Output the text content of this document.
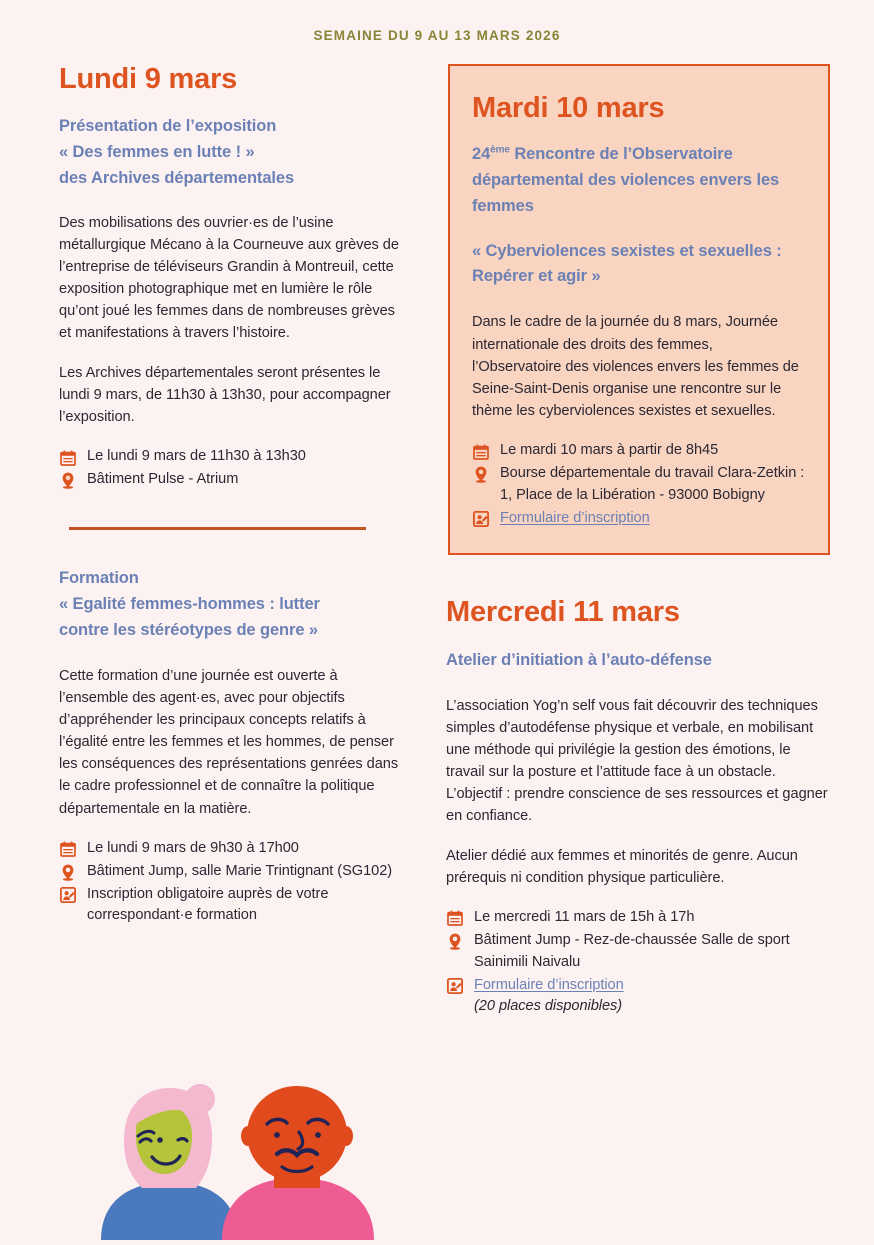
SEMAINE DU 9 AU 13 MARS 2026
Lundi 9 mars
Présentation de l’exposition
« Des femmes en lutte ! »
des Archives départementales

Des mobilisations des ouvrier·es de l’usine métallurgique Mécano à la Courneuve aux grèves de l’entreprise de téléviseurs Grandin à Montreuil, cette exposition photographique met en lumière le rôle qu’ont joué les femmes dans de nombreuses grèves et manifestations à travers l’histoire.

Les Archives départementales seront présentes le lundi 9 mars, de 11h30 à 13h30, pour accompagner l’exposition.

Le lundi 9 mars de 11h30 à 13h30
Bâtiment Pulse - Atrium
Formation
« Egalité femmes-hommes : lutter
contre les stéréotypes de genre »

Cette formation d’une journée est ouverte à l’ensemble des agent·es, avec pour objectifs d’appréhender les principaux concepts relatifs à l’égalité entre les femmes et les hommes, de penser les conséquences des représentations genrées dans le cadre professionnel et de connaître la politique départementale en la matière.

Le lundi 9 mars de 9h30 à 17h00
Bâtiment Jump, salle Marie Trintignant (SG102)
Inscription obligatoire auprès de votre correspondant·e formation
Mardi 10 mars
24ème Rencontre de l’Observatoire départemental des violences envers les femmes
« Cyberviolences sexistes et sexuelles : Repérer et agir »

Dans le cadre de la journée du 8 mars, Journée internationale des droits des femmes, l’Observatoire des violences envers les femmes de Seine-Saint-Denis organise une rencontre sur le thème les cyberviolences sexistes et sexuelles.

Le mardi 10 mars à partir de 8h45
Bourse départementale du travail Clara-Zetkin : 1, Place de la Libération - 93000 Bobigny
Formulaire d’inscription
Mercredi 11 mars
Atelier d’initiation à l’auto-défense

L’association Yog’n self vous fait découvrir des techniques simples d’autodéfense physique et verbale, en mobilisant une méthode qui privilégie la gestion des émotions, le travail sur la posture et l’attitude face à un obstacle. L’objectif : prendre conscience de ses ressources et gagner en confiance.

Atelier dédié aux femmes et minorités de genre. Aucun prérequis ni condition physique particulière.

Le mercredi 11 mars de 15h à 17h
Bâtiment Jump - Rez-de-chaussée Salle de sport Sainimili Naivalu
Formulaire d’inscription
(20 places disponibles)
